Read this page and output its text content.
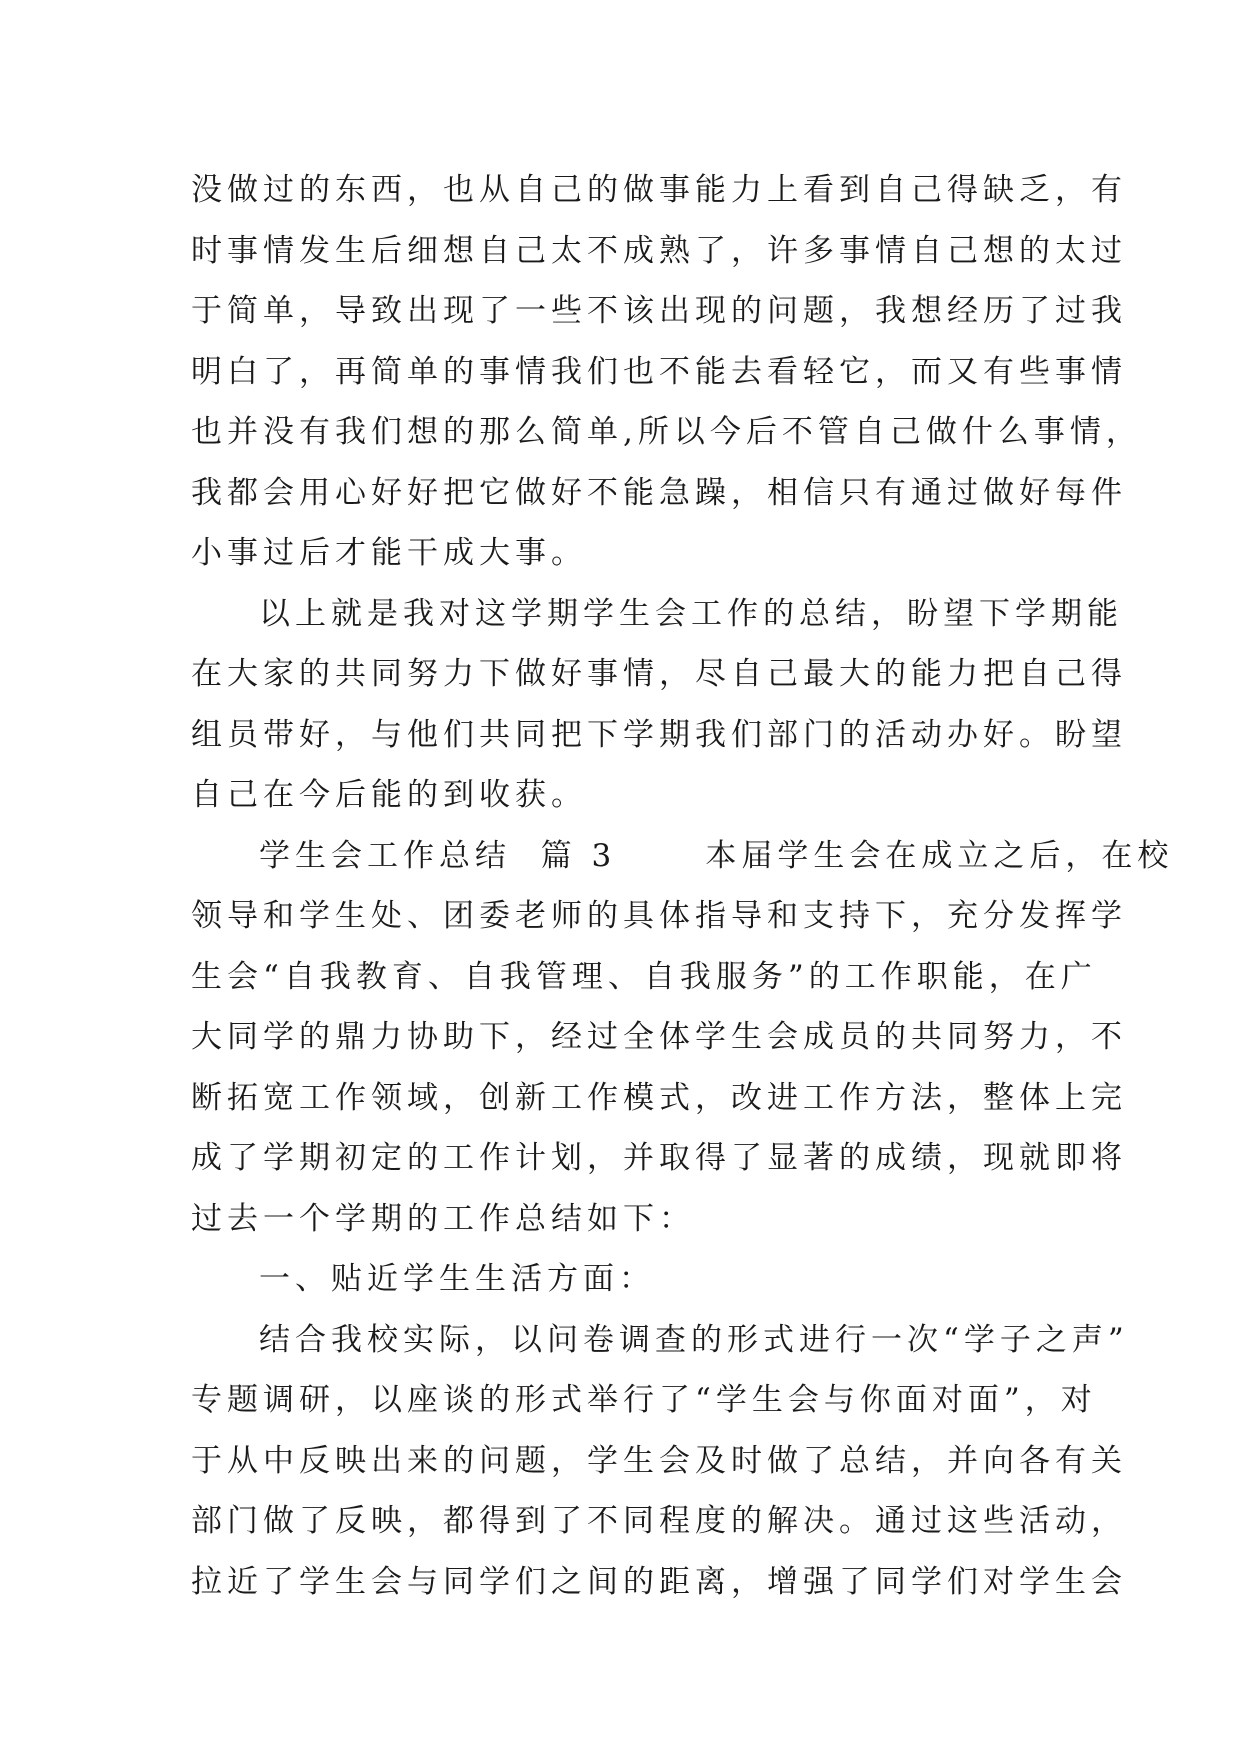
没做过的东西，也从自己的做事能力上看到自己得缺乏，有
时事情发生后细想自己太不成熟了，许多事情自己想的太过
于简单，导致出现了一些不该出现的问题，我想经历了过我
明白了，再简单的事情我们也不能去看轻它，而又有些事情
也并没有我们想的那么简单,所以今后不管自己做什么事情，
我都会用心好好把它做好不能急躁，相信只有通过做好每件
小事过后才能干成大事。
以上就是我对这学期学生会工作的总结，盼望下学期能
在大家的共同努力下做好事情，尽自己最大的能力把自己得
组员带好，与他们共同把下学期我们部门的活动办好。盼望
自己在今后能的到收获。
学生会工作总结  篇 3      本届学生会在成立之后，在校
领导和学生处、团委老师的具体指导和支持下，充分发挥学
生会“自我教育、自我管理、自我服务”的工作职能，在广
大同学的鼎力协助下，经过全体学生会成员的共同努力，不
断拓宽工作领域，创新工作模式，改进工作方法，整体上完
成了学期初定的工作计划，并取得了显著的成绩，现就即将
过去一个学期的工作总结如下：
一、贴近学生生活方面：
结合我校实际，以问卷调查的形式进行一次“学子之声”
专题调研，以座谈的形式举行了“学生会与你面对面”，对
于从中反映出来的问题，学生会及时做了总结，并向各有关
部门做了反映，都得到了不同程度的解决。通过这些活动，
拉近了学生会与同学们之间的距离，增强了同学们对学生会
